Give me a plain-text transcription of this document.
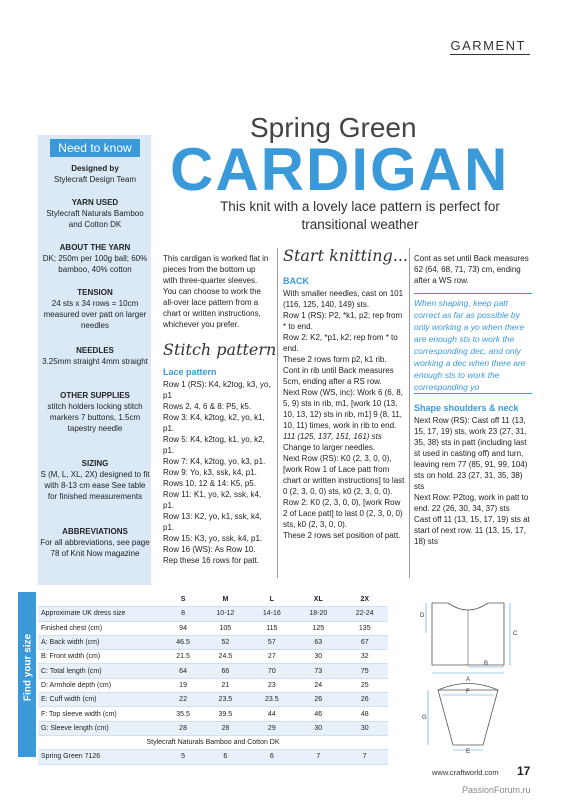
GARMENT
Spring Green
CARDIGAN
This knit with a lovely lace pattern is perfect for transitional weather
Need to know
Designed by
Stylecraft Design Team
YARN USED
Stylecraft Naturals Bamboo and Cotton DK
ABOUT THE YARN
DK; 250m per 100g ball; 60% bamboo, 40% cotton
TENSION
24 sts x 34 rows = 10cm measured over patt on larger needles
NEEDLES
3.25mm straight 4mm straight
OTHER SUPPLIES
stitch holders locking stitch markers 7 buttons, 1.5cm tapestry needle
SIZING
S (M, L, XL, 2X) designed to fit with 8-13 cm ease See table for finished measurements
ABBREVIATIONS
For all abbreviations, see page 78 of Knit Now magazine
This cardigan is worked flat in pieces from the bottom up with three-quarter sleeves. You can choose to work the all-over lace pattern from a chart or written instructions, whichever you prefer.
Stitch pattern
Lace pattern
Row 1 (RS): K4, k2tog, k3, yo, p1
Rows 2, 4, 6 & 8: P5, k5.
Row 3: K4, k2tog, k2, yo, k1, p1.
Row 5: K4, k2tog, k1, yo, k2, p1.
Row 7: K4, k2tog, yo, k3, p1.
Row 9: Yo, k3, ssk, k4, p1.
Rows 10, 12 & 14: K5, p5.
Row 11: K1, yo, k2, ssk, k4, p1.
Row 13: K2, yo, k1, ssk, k4, p1.
Row 15: K3, yo, ssk, k4, p1.
Row 16 (WS): As Row 10.
Rep these 16 rows for patt.
Start knitting...
BACK
With smaller needles, cast on 101 (116, 125, 140, 149) sts.
Row 1 (RS): P2, *k1, p2; rep from * to end.
Row 2: K2, *p1, k2; rep from * to end.
These 2 rows form p2, k1 rib. Cont in rib until Back measures 5cm, ending after a RS row.
Next Row (WS, inc): Work 6 (6, 8, 5, 9) sts in rib, m1, [work 10 (13, 10, 13, 12) sts in rib, m1] 9 (8, 11, 10, 11) times, work in rib to end.
111 (125, 137, 151, 161) sts
Change to larger needles.
Next Row (RS): K0 (2, 3, 0, 0), [work Row 1 of Lace patt from chart or written instructions] to last 0 (2, 3, 0, 0) sts, k0 (2, 3, 0, 0).
Row 2: K0 (2, 3, 0, 0), [work Row 2 of Lace patt] to last 0 (2, 3, 0, 0) sts, k0 (2, 3, 0, 0).
These 2 rows set position of patt.
Cont as set until Back measures 62 (64, 68, 71, 73) cm, ending after a WS row.
When shaping, keep patt correct as far as possible by only working a yo when there are enough sts to work the corresponding dec, and only working a dec when there are enough sts to work the corresponding yo
Shape shoulders & neck
Next Row (RS): Cast off 11 (13, 15, 17, 19) sts, work 23 (27, 31, 35, 38) sts in patt (including last st used in casting off) and turn, leaving rem 77 (85, 91, 99, 104) sts on hold. 23 (27, 31, 35, 38) sts
Next Row: P2tog, work in patt to end. 22 (26, 30, 34, 37) sts
Cast off 11 (13, 15, 17, 19) sts at start of next row. 11 (13, 15, 17, 18) sts
Find your size
	S	M	L	XL	2X
Approximate UK dress size	8	10-12	14-16	18-20	22-24
Finished chest (cm)	94	105	115	125	135
A: Back width (cm)	46.5	52	57	63	67
B: Front width (cm)	21.5	24.5	27	30	32
C: Total length (cm)	64	66	70	73	75
D: Armhole depth (cm)	19	21	23	24	25
E: Cuff width (cm)	22	23.5	23.5	26	26
F: Top sleeve width (cm)	35.5	39.5	44	46	48
G: Sleeve length (cm)	28	28	29	30	30
Stylecraft Naturals Bamboo and Cotton DK					
Spring Green 7126	5	6	6	7	7
D
C
A
B
F
G
E
www.craftworld.com 17
PassionForum.ru
